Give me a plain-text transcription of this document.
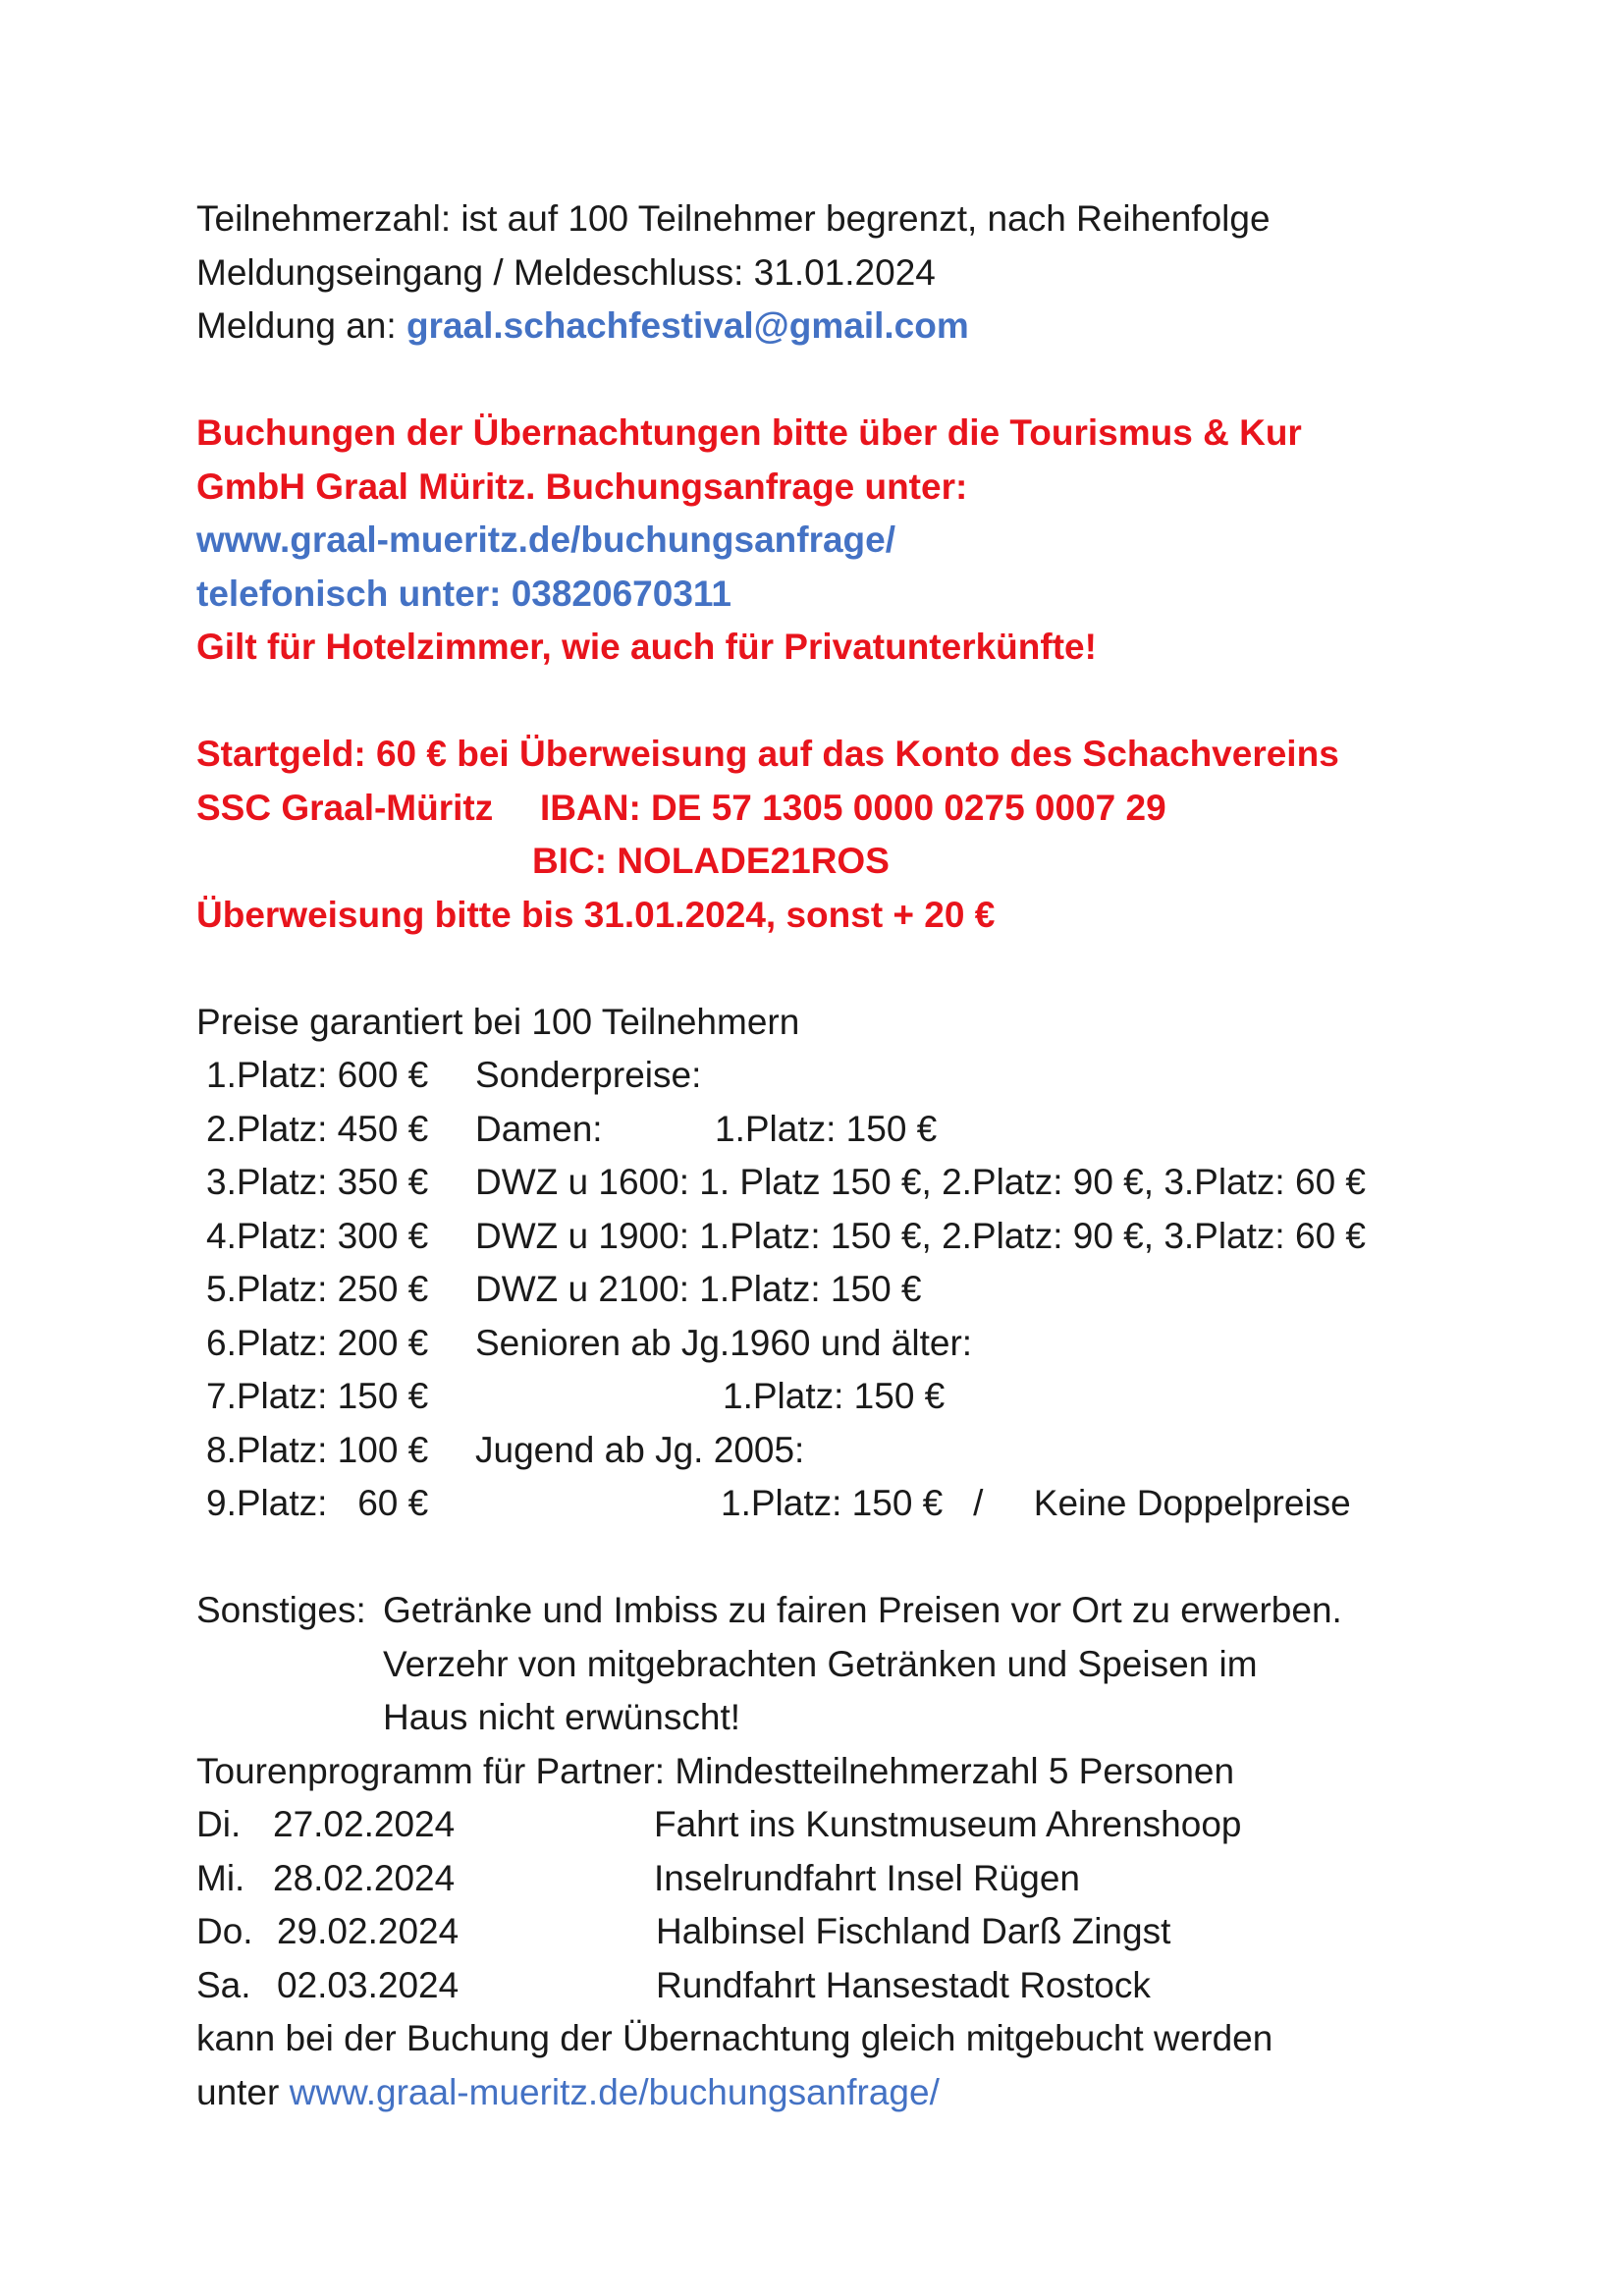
Teilnehmerzahl: ist auf 100 Teilnehmer begrenzt, nach Reihenfolge
Meldungseingang / Meldeschluss: 31.01.2024
Meldung an: graal.schachfestival@gmail.com
Buchungen der Übernachtungen bitte über die Tourismus & Kur
GmbH Graal Müritz. Buchungsanfrage unter:
www.graal-mueritz.de/buchungsanfrage/
telefonisch unter: 03820670311
Gilt für Hotelzimmer, wie auch für Privatunterkünfte!
Startgeld: 60 € bei Überweisung auf das Konto des Schachvereins
SSC Graal-Müritz IBAN: DE 57 1305 0000 0275 0007 29
BIC: NOLADE21ROS
Überweisung bitte bis 31.01.2024, sonst + 20 €
Preise garantiert bei 100 Teilnehmern
1.Platz: 600 € Sonderpreise:
2.Platz: 450 € Damen:	1.Platz: 150 €
3.Platz: 350 € DWZ u 1600: 1. Platz 150 €, 2.Platz: 90 €, 3.Platz: 60 €
4.Platz: 300 € DWZ u 1900: 1.Platz: 150 €, 2.Platz: 90 €, 3.Platz: 60 €
5.Platz: 250 € DWZ u 2100: 1.Platz: 150 €
6.Platz: 200 € Senioren ab Jg.1960 und älter:
7.Platz: 150 €	1.Platz: 150 €
8.Platz: 100 € Jugend ab Jg. 2005:
9.Platz:   60 €	1.Platz: 150 €   /     Keine Doppelpreise
Sonstiges: Getränke und Imbiss zu fairen Preisen vor Ort zu erwerben.
Verzehr von mitgebrachten Getränken und Speisen im
Haus nicht erwünscht!
Tourenprogramm für Partner: Mindestteilnehmerzahl 5 Personen
Di. 27.02.2024	Fahrt ins Kunstmuseum Ahrenshoop
Mi. 28.02.2024	Inselrundfahrt Insel Rügen
Do. 29.02.2024	Halbinsel Fischland Darß Zingst
Sa. 02.03.2024	Rundfahrt Hansestadt Rostock
kann bei der Buchung der Übernachtung gleich mitgebucht werden
unter www.graal-mueritz.de/buchungsanfrage/
